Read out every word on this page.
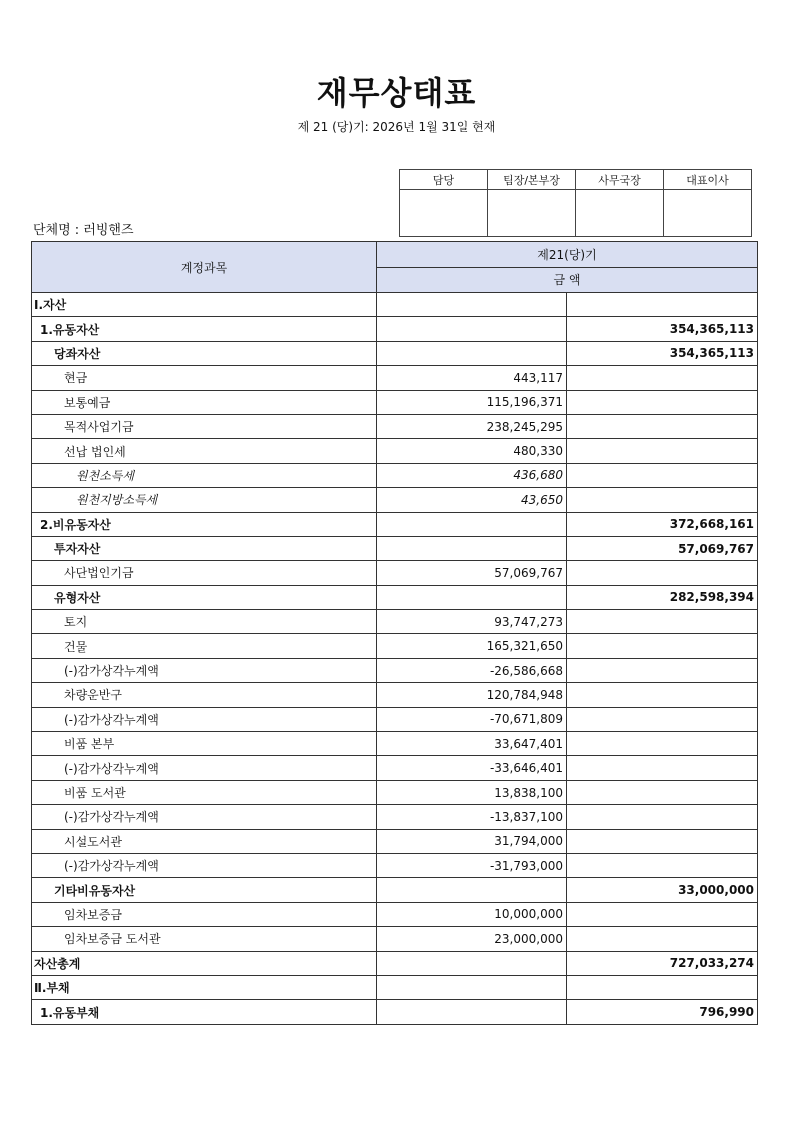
재무상태표
제 21 (당)기: 2026년 1월 31일 현재
담당	팀장/본부장	사무국장	대표이사

단체명 : 러빙핸즈
계정과목	제21(당)기	
	금 액	
Ⅰ.자산		
1.유동자산		354,365,113
당좌자산		354,365,113
현금	443,117	
보통예금	115,196,371	
목적사업기금	238,245,295	
선납 법인세	480,330	
원천소득세	436,680	
원천지방소득세	43,650	
2.비유동자산		372,668,161
투자자산		57,069,767
사단법인기금	57,069,767	
유형자산		282,598,394
토지	93,747,273	
건물	165,321,650	
(-)감가상각누계액	-26,586,668	
차량운반구	120,784,948	
(-)감가상각누계액	-70,671,809	
비품 본부	33,647,401	
(-)감가상각누계액	-33,646,401	
비품 도서관	13,838,100	
(-)감가상각누계액	-13,837,100	
시설도서관	31,794,000	
(-)감가상각누계액	-31,793,000	
기타비유동자산		33,000,000
임차보증금	10,000,000	
임차보증금 도서관	23,000,000	
자산총계		727,033,274
Ⅱ.부채		
1.유동부채		796,990
